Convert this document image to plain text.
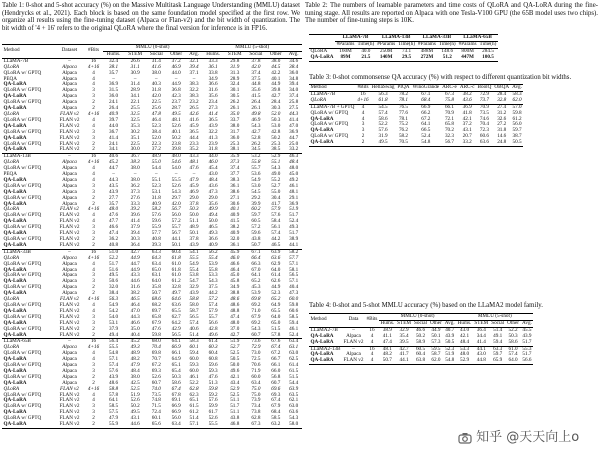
Table 1: 0-shot and 5-shot accuracy (%) on the Massive Multitask Language Understanding (MMLU) dataset (Hendrycks et al., 2021). Each block is based on the same foundation model specified at the first row. We organize all results using the fine-tuning dataset (Alpaca or Flan-v2) and the bit width of quantization. The bit width of '4 + 16' refers to the original QLoRA where the final version for inference is in FP16.
Table 2: The numbers of learnable parameters and time costs of QLoRA and QA-LoRA during the fine-tuning stage. All results are reported on Alpaca with one Tesla-V100 GPU (the 65B model uses two chips). The number of fine-tuning steps is 10K.
Method	Dataset	#Bits	MMLU (0-shot)					MMLU (5-shot)				
			Hums.	STEM	Social	Other	Avg.	Hums.	STEM	Social	Other	Avg.
LLaMA-7B	–	16	32.4	26.6	31.4	37.2	32.1	33.3	29.8	37.8	38.0	34.6
QLoRA	Alpaca	4+16	38.1	31.1	41.6	46.9	39.4	36.1	31.9	42.0	44.5	38.4
QLoRA w/ GPTQ	Alpaca	4	35.7	30.9	38.0	44.0	37.1	33.8	31.3	37.4	42.2	36.0
PEQA	Alpaca	4	–	–	–	–	–	34.9	28.9	37.5	40.1	34.8
QA-LoRA	Alpaca	4	36.9	31.4	40.3	44.9	38.3	36.6	32.4	44.8	44.9	39.4
QLoRA w/ GPTQ	Alpaca	3	31.5	28.9	31.8	36.8	32.2	31.6	30.1	35.6	39.8	34.0
QA-LoRA	Alpaca	3	36.0	34.1	42.0	42.3	38.3	35.6	30.5	41.5	42.7	37.4
QLoRA w/ GPTQ	Alpaca	2	24.1	22.1	22.5	23.7	23.2	23.4	26.2	26.4	28.4	25.8
QA-LoRA	Alpaca	2	26.4	25.5	25.6	28.7	26.5	27.3	26.1	26.1	30.3	27.5
QLoRA	FLAN v2	4+16	40.9	32.5	47.8	49.5	42.6	41.4	35.0	49.8	52.0	44.3
QLoRA w/ GPTQ	FLAN v2	4	39.7	32.5	46.4	48.1	41.6	36.5	33.7	46.9	50.3	41.4
QA-LoRA	FLAN v2	4	44.0	35.3	52.3	52.6	45.9	43.9	38.0	54.3	53.0	47.0
QLoRA w/ GPTQ	FLAN v2	3	36.7	30.2	38.4	40.1	36.5	32.2	31.7	42.7	42.8	36.9
QA-LoRA	FLAN v2	3	41.4	35.1	52.0	50.2	44.4	41.3	36.0	52.8	50.2	44.7
QLoRA w/ GPTQ	FLAN v2	2	24.1	22.5	22.3	23.8	23.3	23.9	25.3	26.2	25.3	25.0
QA-LoRA	FLAN v2	2	34.1	30.0	37.2	39.8	35.2	31.8	38.1	34.5	38.5	33.2
LLaMA-13B	–	16	40.6	36.7	48.9	48.0	43.3	44.0	35.9	53.2	52.9	46.3
QLoRA	Alpaca	4+16	45.2	38.3	55.0	54.6	48.1	46.0	37.3	55.8	55.1	48.4
QLoRA w/ GPTQ	Alpaca	4	44.7	38.0	54.4	54.0	47.6	45.4	37.4	55.7	54.3	48.0
PEQA	Alpaca	4	–	–	–	–	–	43.0	37.7	53.6	49.0	45.0
QA-LoRA	Alpaca	4	44.3	38.0	55.1	55.5	47.9	48.4	38.3	54.9	55.2	49.2
QLoRA w/ GPTQ	Alpaca	3	43.5	36.2	52.3	52.6	45.9	43.6	36.1	53.0	52.7	46.1
QA-LoRA	Alpaca	3	43.9	37.3	53.1	54.3	46.9	47.3	38.6	54.5	55.0	48.1
QLoRA w/ GPTQ	Alpaca	2	27.7	27.6	31.8	29.7	29.0	29.0	27.1	29.2	30.4	29.1
QA-LoRA	Alpaca	2	35.7	33.3	40.9	42.0	37.8	35.6	30.6	39.9	41.7	36.9
QLoRA	FLAN v2	4+16	48.0	39.2	58.2	56.7	50.3	49.9	40.1	60.2	57.9	51.9
QLoRA w/ GPTQ	FLAN v2	4	47.6	39.6	57.6	56.0	50.0	49.4	40.9	59.7	57.6	51.7
QA-LoRA	FLAN v2	4	47.7	41.4	59.6	57.2	51.1	50.0	41.5	60.5	58.4	52.4
QLoRA w/ GPTQ	FLAN v2	3	46.6	37.9	55.9	55.7	48.9	46.5	38.2	57.2	56.1	49.3
QA-LoRA	FLAN v2	3	47.4	39.4	57.7	56.7	50.1	49.3	40.9	59.6	57.4	51.7
QLoRA w/ GPTQ	FLAN v2	2	36.2	30.3	40.8	44.1	37.8	36.6	32.0	43.8	44.2	38.9
QA-LoRA	FLAN v2	2	40.8	36.4	39.3	50.1	43.9	40.9	36.1	50.7	46.5	44.1
LLaMA-33B	–	16	51.0	42.7	63.3	60.4	54.1	56.2	45.9	67.1	63.9	58.2
QLoRA	Alpaca	4+16	52.2	44.9	64.3	61.8	55.5	55.4	46.0	66.4	63.6	57.7
QLoRA w/ GPTQ	Alpaca	4	51.7	44.7	63.4	61.0	54.9	53.9	46.6	66.3	62.9	57.1
QA-LoRA	Alpaca	4	51.6	44.9	65.0	61.8	55.4	55.8	46.4	67.0	64.0	58.1
QLoRA w/ GPTQ	Alpaca	3	49.5	43.3	63.1	61.0	53.8	53.3	45.0	64.1	61.4	56.5
QA-LoRA	Alpaca	3	50.6	44.6	64.0	61.2	54.7	54.3	45.8	65.2	62.6	57.1
QLoRA w/ GPTQ	Alpaca	2	32.0	31.6	35.8	32.8	32.9	37.5	34.9	45.3	44.9	40.4
QA-LoRA	Alpaca	2	38.4	38.2	50.7	49.7	43.9	44.2	38.8	53.9	52.3	47.3
QLoRA	FLAN v2	4+16	56.3	46.5	68.6	64.6	58.8	57.2	48.6	69.8	65.2	60.0
QLoRA w/ GPTQ	FLAN v2	4	54.9	46.4	68.2	63.6	58.0	57.4	48.6	69.2	64.9	59.8
QA-LoRA	FLAN v2	4	54.2	47.0	69.7	65.5	58.7	57.9	48.8	71.0	65.5	60.6
QLoRA w/ GPTQ	FLAN v2	3	54.0	44.3	65.8	62.7	56.5	55.7	47.4	67.9	64.0	58.5
QA-LoRA	FLAN v2	3	53.1	46.6	67.9	64.2	57.4	56.6	48.0	69.2	65.0	59.4
QLoRA w/ GPTQ	FLAN v2	2	37.9	35.0	47.6	42.9	40.6	42.8	37.0	54.3	51.5	46.1
QA-LoRA	FLAN v2	2	49.4	40.4	59.8	56.5	51.4	49.6	42.7	60.7	57.8	52.4
LLaMA-65B	–	16	56.4	45.2	68.0	64.1	58.3	61.4	51.9	73.6	67.6	63.4
QLoRA	Alpaca	4+16	55.5	49.3	70.4	66.9	60.1	60.3	52.7	72.9	67.4	63.1
QLoRA w/ GPTQ	Alpaca	4	54.8	48.9	69.8	66.1	59.4	60.4	52.5	73.0	67.2	63.0
QA-LoRA	Alpaca	4	57.1	48.2	70.7	64.9	60.0	60.8	50.5	72.5	66.7	62.5
QLoRA w/ GPTQ	Alpaca	3	57.4	47.9	67.2	65.1	59.3	59.6	50.0	70.6	66.1	61.4
QA-LoRA	Alpaca	3	57.6	48.4	69.3	65.4	60.0	59.3	49.6	71.9	66.0	61.5
QLoRA w/ GPTQ	Alpaca	2	43.9	38.0	52.6	50.3	46.1	47.6	42.1	60.0	56.8	51.5
QA-LoRA	Alpaca	2	48.6	42.5	60.7	58.6	52.2	51.3	43.4	63.4	60.7	54.4
QLoRA	FLAN v2	4+16	58.8	52.5	74.0	67.4	62.8	59.8	52.9	75.0	69.6	63.9
QLoRA w/ GPTQ	FLAN v2	4	57.8	51.9	73.5	67.8	62.3	59.2	52.5	75.0	69.3	63.5
QA-LoRA	FLAN v2	4	64.1	52.6	74.8	69.1	65.1	57.6	51.1	73.9	67.4	62.1
QLoRA w/ GPTQ	FLAN v2	3	58.5	50.2	71.5	66.9	61.5	59.9	51.7	73.4	67.9	63.0
QA-LoRA	FLAN v2	3	57.5	49.5	72.4	66.9	61.2	61.7	51.1	73.8	68.4	63.6
QLoRA w/ GPTQ	FLAN v2	2	47.9	43.1	60.1	56.0	51.4	52.6	43.8	62.8	58.5	54.3
QA-LoRA	FLAN v2	2	55.9	44.6	65.6	63.4	57.1	55.5	46.8	67.3	63.2	58.0
	LLaMA-7B		LLaMA-13B		LLaMA-33B		LLaMA-65B	
	#Params	Time(h)	#Params	Time(h)	#Params	Time(h)	#Params	Time(h)
QLoRA	160M	40.0	250M	73.1	488M	148.6	800M	284.5
QA-LoRA	89M	21.5	140M	29.5	272M	51.2	447M	100.5
Method	#Bits	HellaSwag	PIQA	WinoGrande	ARC-e	ARC-c	BoolQ	OBQA	Avg.
LLaMA-7B	16	56.3	78.2	67.1	67.3	38.2	72.9	28.4	58.3
QLoRA	4+16	61.8	78.1	68.4	75.8	43.6	73.7	32.8	62.0
LLaMA-7B + GPTQ	4	54.5	76.5	66.9	66.1	36.9	70.9	27.4	57.0
QLoRA w/ GPTQ	4	57.4	77.6	66.2	70.9	41.8	73.5	31.2	59.8
QA-LoRA	4	58.6	78.1	67.2	72.1	42.1	74.6	32.6	61.2
QLoRA w/ GPTQ	3	52.2	75.2	64.1	65.8	37.2	70.4	27.2	56.0
QA-LoRA	3	57.6	76.2	66.5	70.2	43.1	72.3	31.8	59.7
QLoRA w/ GPTQ	2	31.9	58.2	52.4	32.3	20.7	60.6	14.6	38.7
QA-LoRA	2	49.5	70.5	54.8	56.7	33.2	63.6	24.8	50.5
Table 3: 0-shot commonsense QA accuracy (%) with respect to different quantization bit widths.
Table 4: 0-shot and 5-shot MMLU accuracy (%) based on the LLaMA2 model family.
Method	Data	#Bits	MMLU (0-shot)					MMLU (5-shot)				
			Hums.	STEM	Social	Other	Avg.	Hums.	STEM	Social	Other	Avg.
LLaMA2-7B	–	16	38.9	32.9	46.6	44.9	40.7	43.0	36.4	51.4	52.2	45.5
QA-LoRA	Alpaca	4	41.1	35.4	50.2	50.1	43.9	42.1	34.4	49.1	50.3	43.9
QA-LoRA	FLAN v2	4	47.4	39.5	58.9	57.3	50.5	48.4	41.4	59.4	58.6	51.7
LLaMA2-13B	–	16	48.1	42.7	60.5	59.5	52.3	53.3	44.1	63.3	61.0	55.3
QA-LoRA	Alpaca	4	48.2	41.7	60.4	58.7	51.9	48.0	43.0	59.7	57.4	51.7
QA-LoRA	FLAN v2	4	50.7	44.1	63.8	62.0	54.8	52.9	44.8	65.9	64.0	56.6
知乎 @天天向上o
